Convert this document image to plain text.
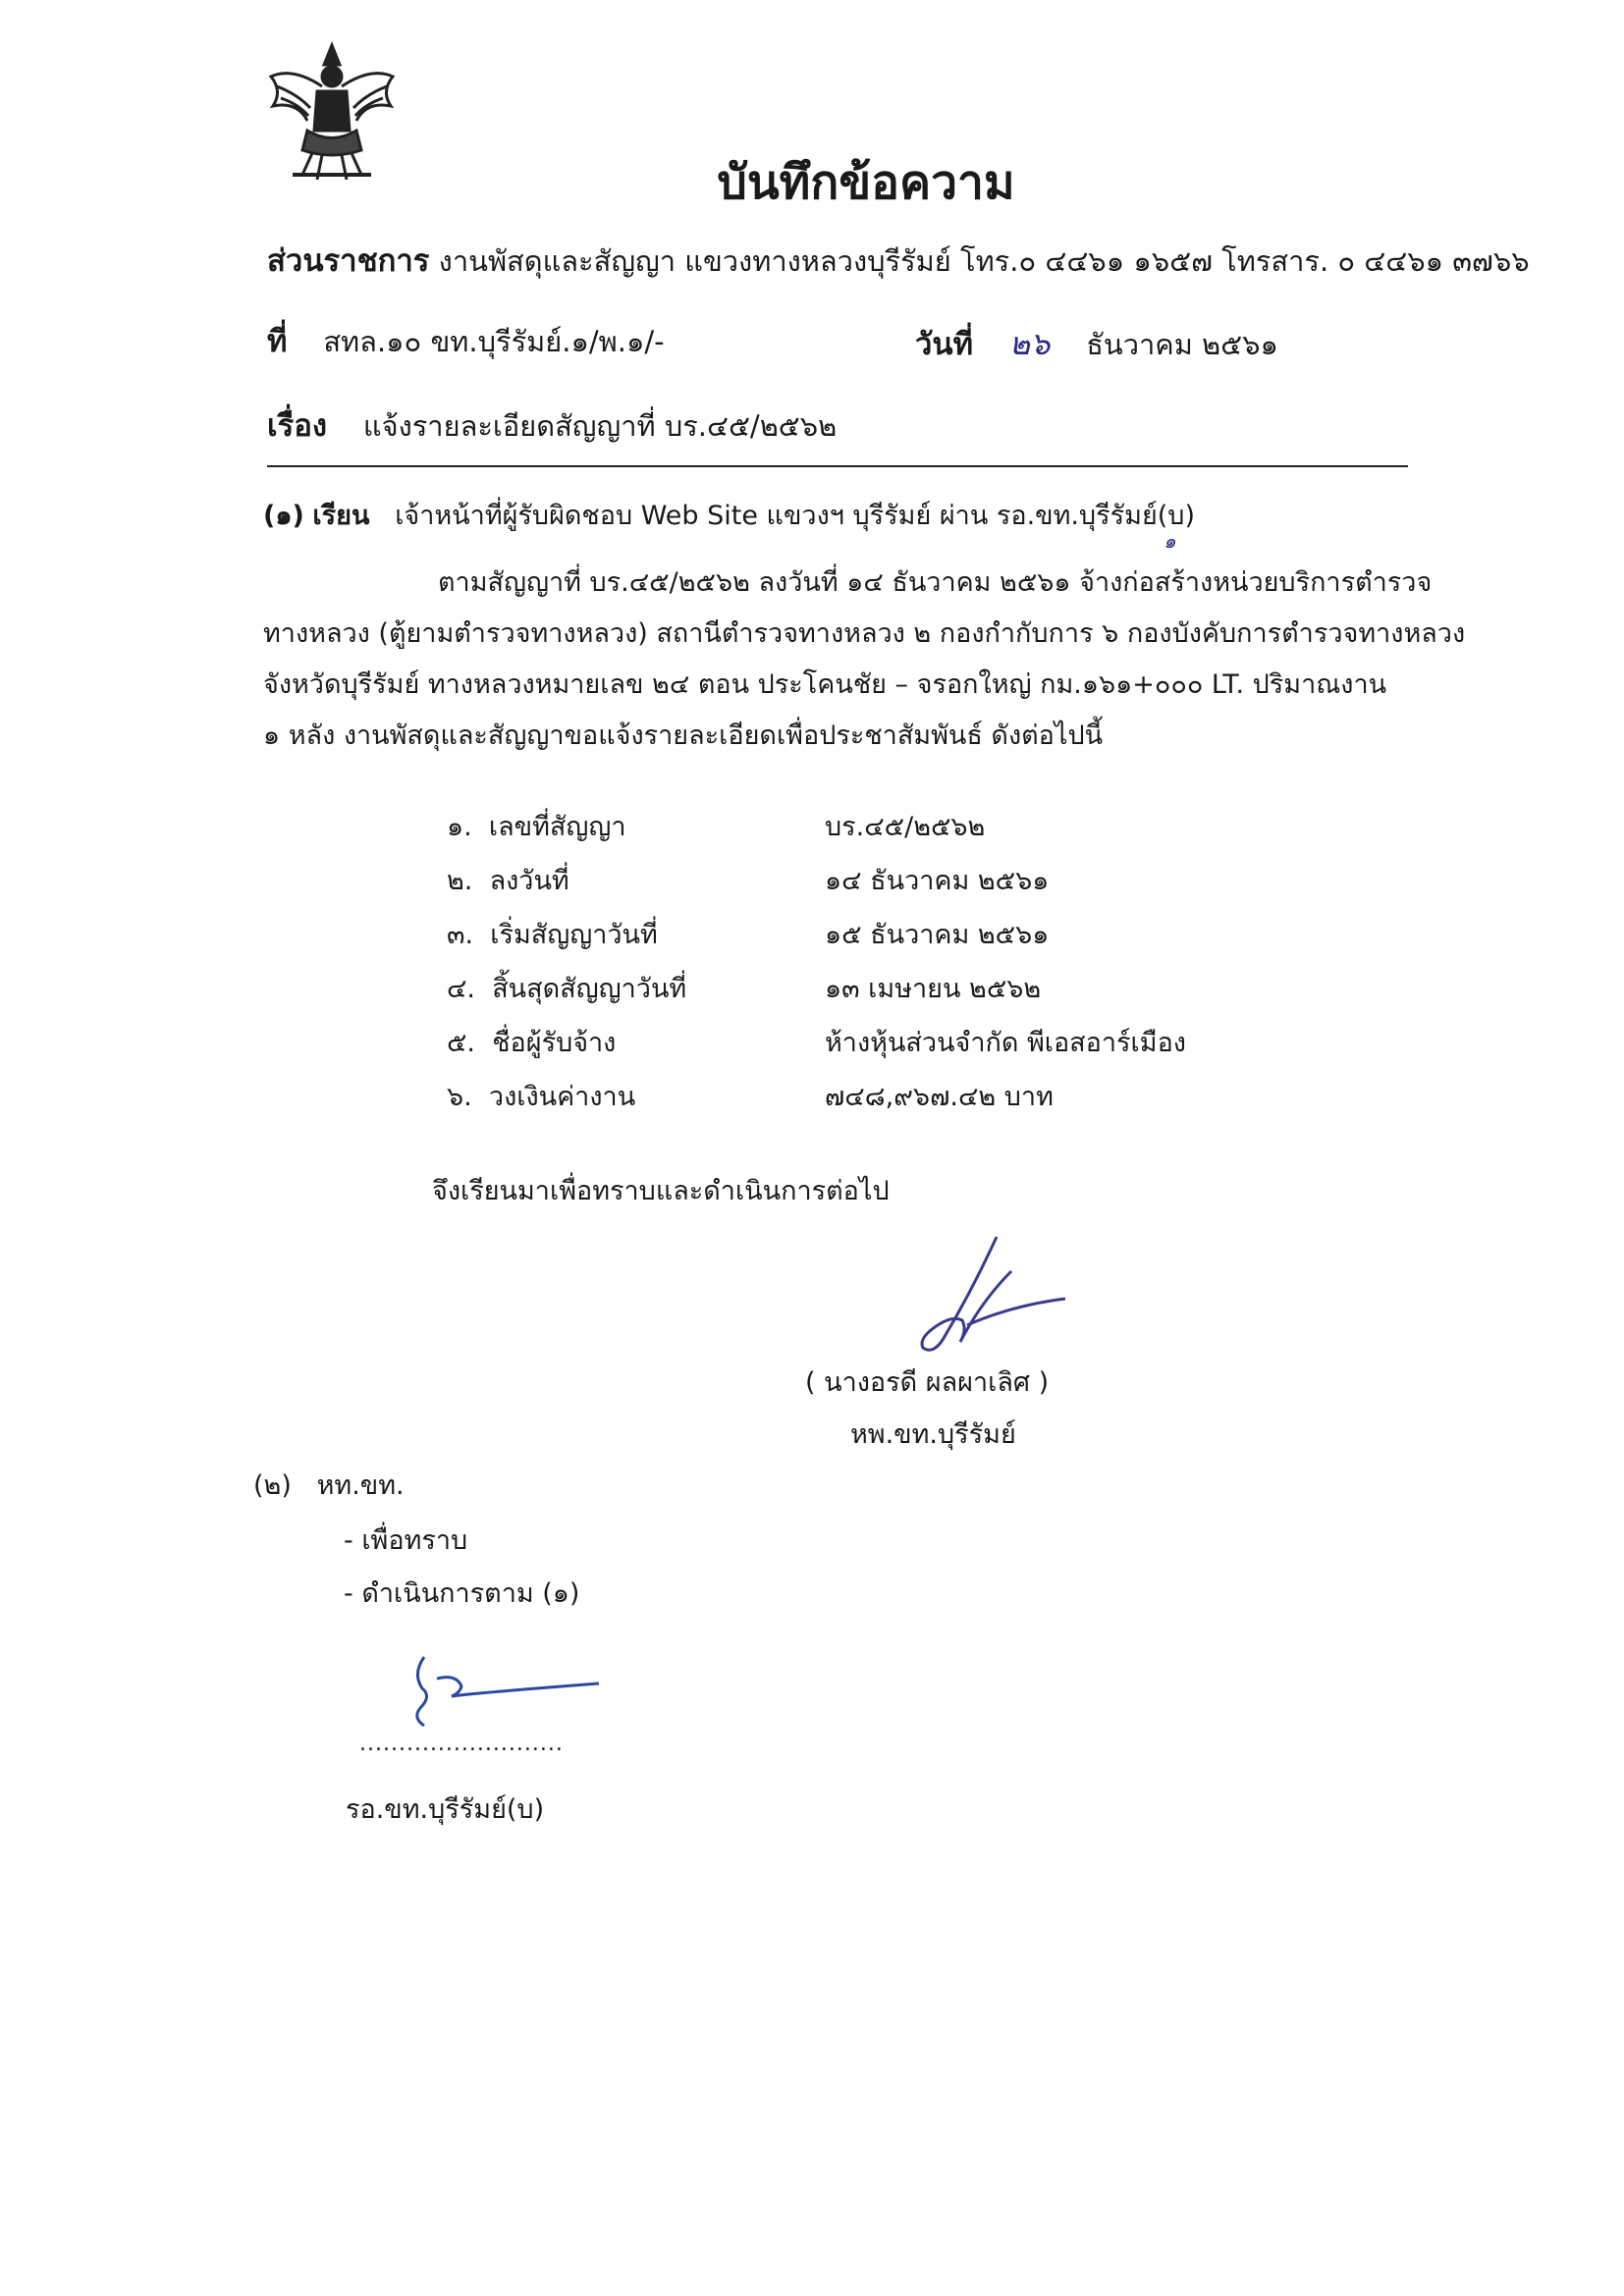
บันทึกข้อความ
ส่วนราชการ งานพัสดุและสัญญา แขวงทางหลวงบุรีรัมย์ โทร.๐ ๔๔๖๑ ๑๖๕๗ โทรสาร. ๐ ๔๔๖๑ ๓๗๖๖
ที่ สทล.๑๐ ขท.บุรีรัมย์.๑/พ.๑/-	วันที่ ๒๖ ธันวาคม ๒๕๖๑
เรื่อง แจ้งรายละเอียดสัญญาที่ บร.๔๕/๒๕๖๒
(๑) เรียน เจ้าหน้าที่ผู้รับผิดชอบ Web Site แขวงฯ บุรีรัมย์ ผ่าน รอ.ขท.บุรีรัมย์(บ)
๑
ตามสัญญาที่ บร.๔๕/๒๕๖๒ ลงวันที่ ๑๔ ธันวาคม ๒๕๖๑ จ้างก่อสร้างหน่วยบริการตำรวจ
ทางหลวง (ตู้ยามตำรวจทางหลวง) สถานีตำรวจทางหลวง ๒ กองกำกับการ ๖ กองบังคับการตำรวจทางหลวง
จังหวัดบุรีรัมย์ ทางหลวงหมายเลข ๒๔ ตอน ประโคนชัย – จรอกใหญ่ กม.๑๖๑+๐๐๐ LT. ปริมาณงาน
๑ หลัง งานพัสดุและสัญญาขอแจ้งรายละเอียดเพื่อประชาสัมพันธ์ ดังต่อไปนี้
๑. เลขที่สัญญา
๒. ลงวันที่
๓. เริ่มสัญญาวันที่
๔. สิ้นสุดสัญญาวันที่
๕. ชื่อผู้รับจ้าง
๖. วงเงินค่างาน
บร.๔๕/๒๕๖๒
๑๔ ธันวาคม ๒๕๖๑
๑๕ ธันวาคม ๒๕๖๑
๑๓ เมษายน ๒๕๖๒
ห้างหุ้นส่วนจำกัด พีเอสอาร์เมือง
๗๔๘,๙๖๗.๔๒ บาท
จึงเรียนมาเพื่อทราบและดำเนินการต่อไป
( นางอรดี ผลผาเลิศ )
หพ.ขท.บุรีรัมย์
(๒) หท.ขท.
- เพื่อทราบ
- ดำเนินการตาม (๑)
..........................
รอ.ขท.บุรีรัมย์(บ)
